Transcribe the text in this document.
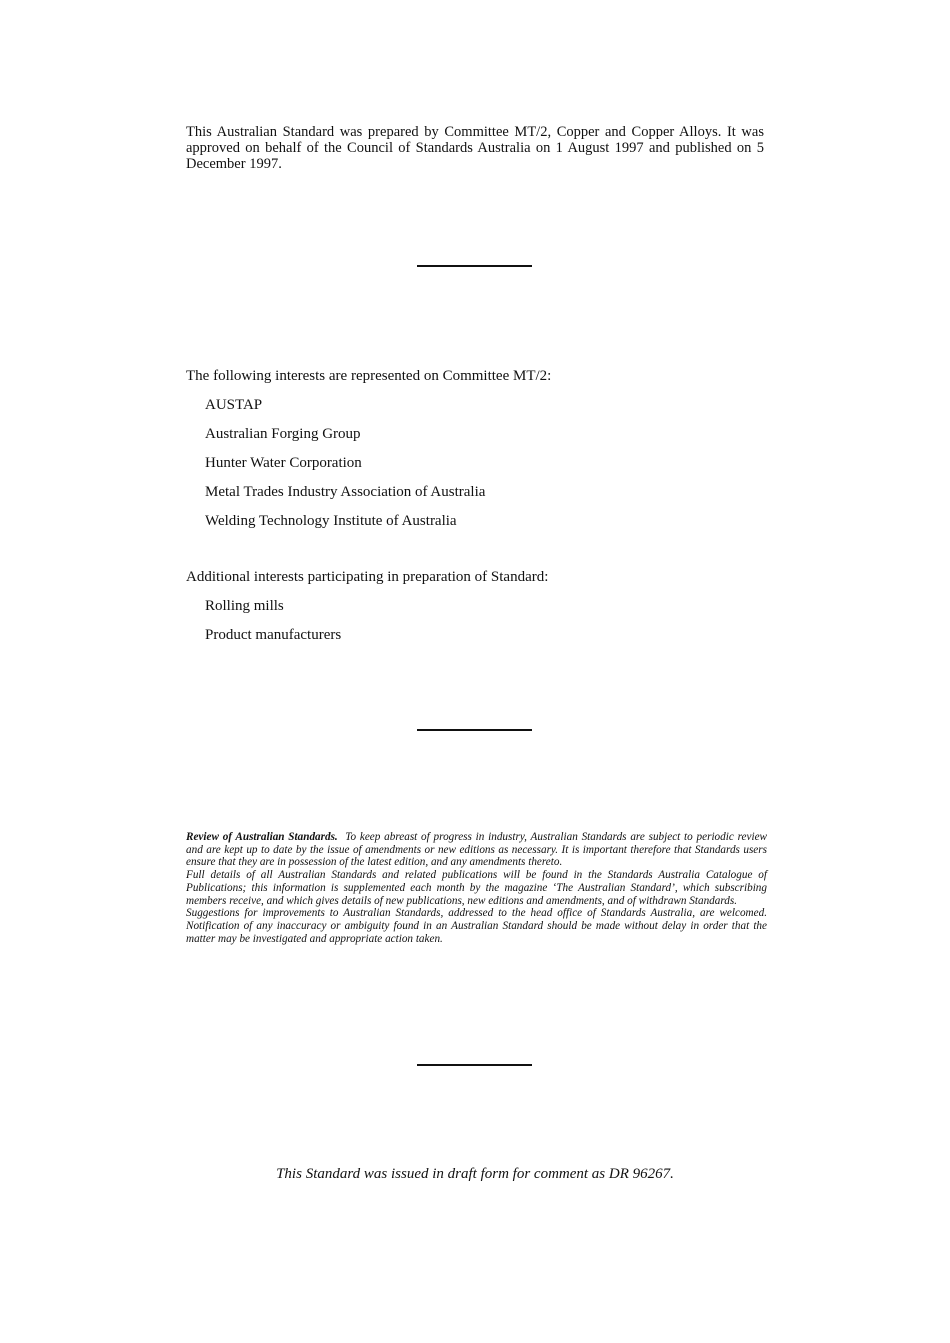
This Australian Standard was prepared by Committee MT/2, Copper and Copper Alloys. It was approved on behalf of the Council of Standards Australia on 1 August 1997 and published on 5 December 1997.
The following interests are represented on Committee MT/2:
AUSTAP
Australian Forging Group
Hunter Water Corporation
Metal Trades Industry Association of Australia
Welding Technology Institute of Australia
Additional interests participating in preparation of Standard:
Rolling mills
Product manufacturers

Review of Australian Standards. To keep abreast of progress in industry, Australian Standards are subject to periodic review and are kept up to date by the issue of amendments or new editions as necessary. It is important therefore that Standards users ensure that they are in possession of the latest edition, and any amendments thereto.

Full details of all Australian Standards and related publications will be found in the Standards Australia Catalogue of Publications; this information is supplemented each month by the magazine ‘The Australian Standard’, which subscribing members receive, and which gives details of new publications, new editions and amendments, and of withdrawn Standards.

Suggestions for improvements to Australian Standards, addressed to the head office of Standards Australia, are welcomed. Notification of any inaccuracy or ambiguity found in an Australian Standard should be made without delay in order that the matter may be investigated and appropriate action taken.

This Standard was issued in draft form for comment as DR 96267.
